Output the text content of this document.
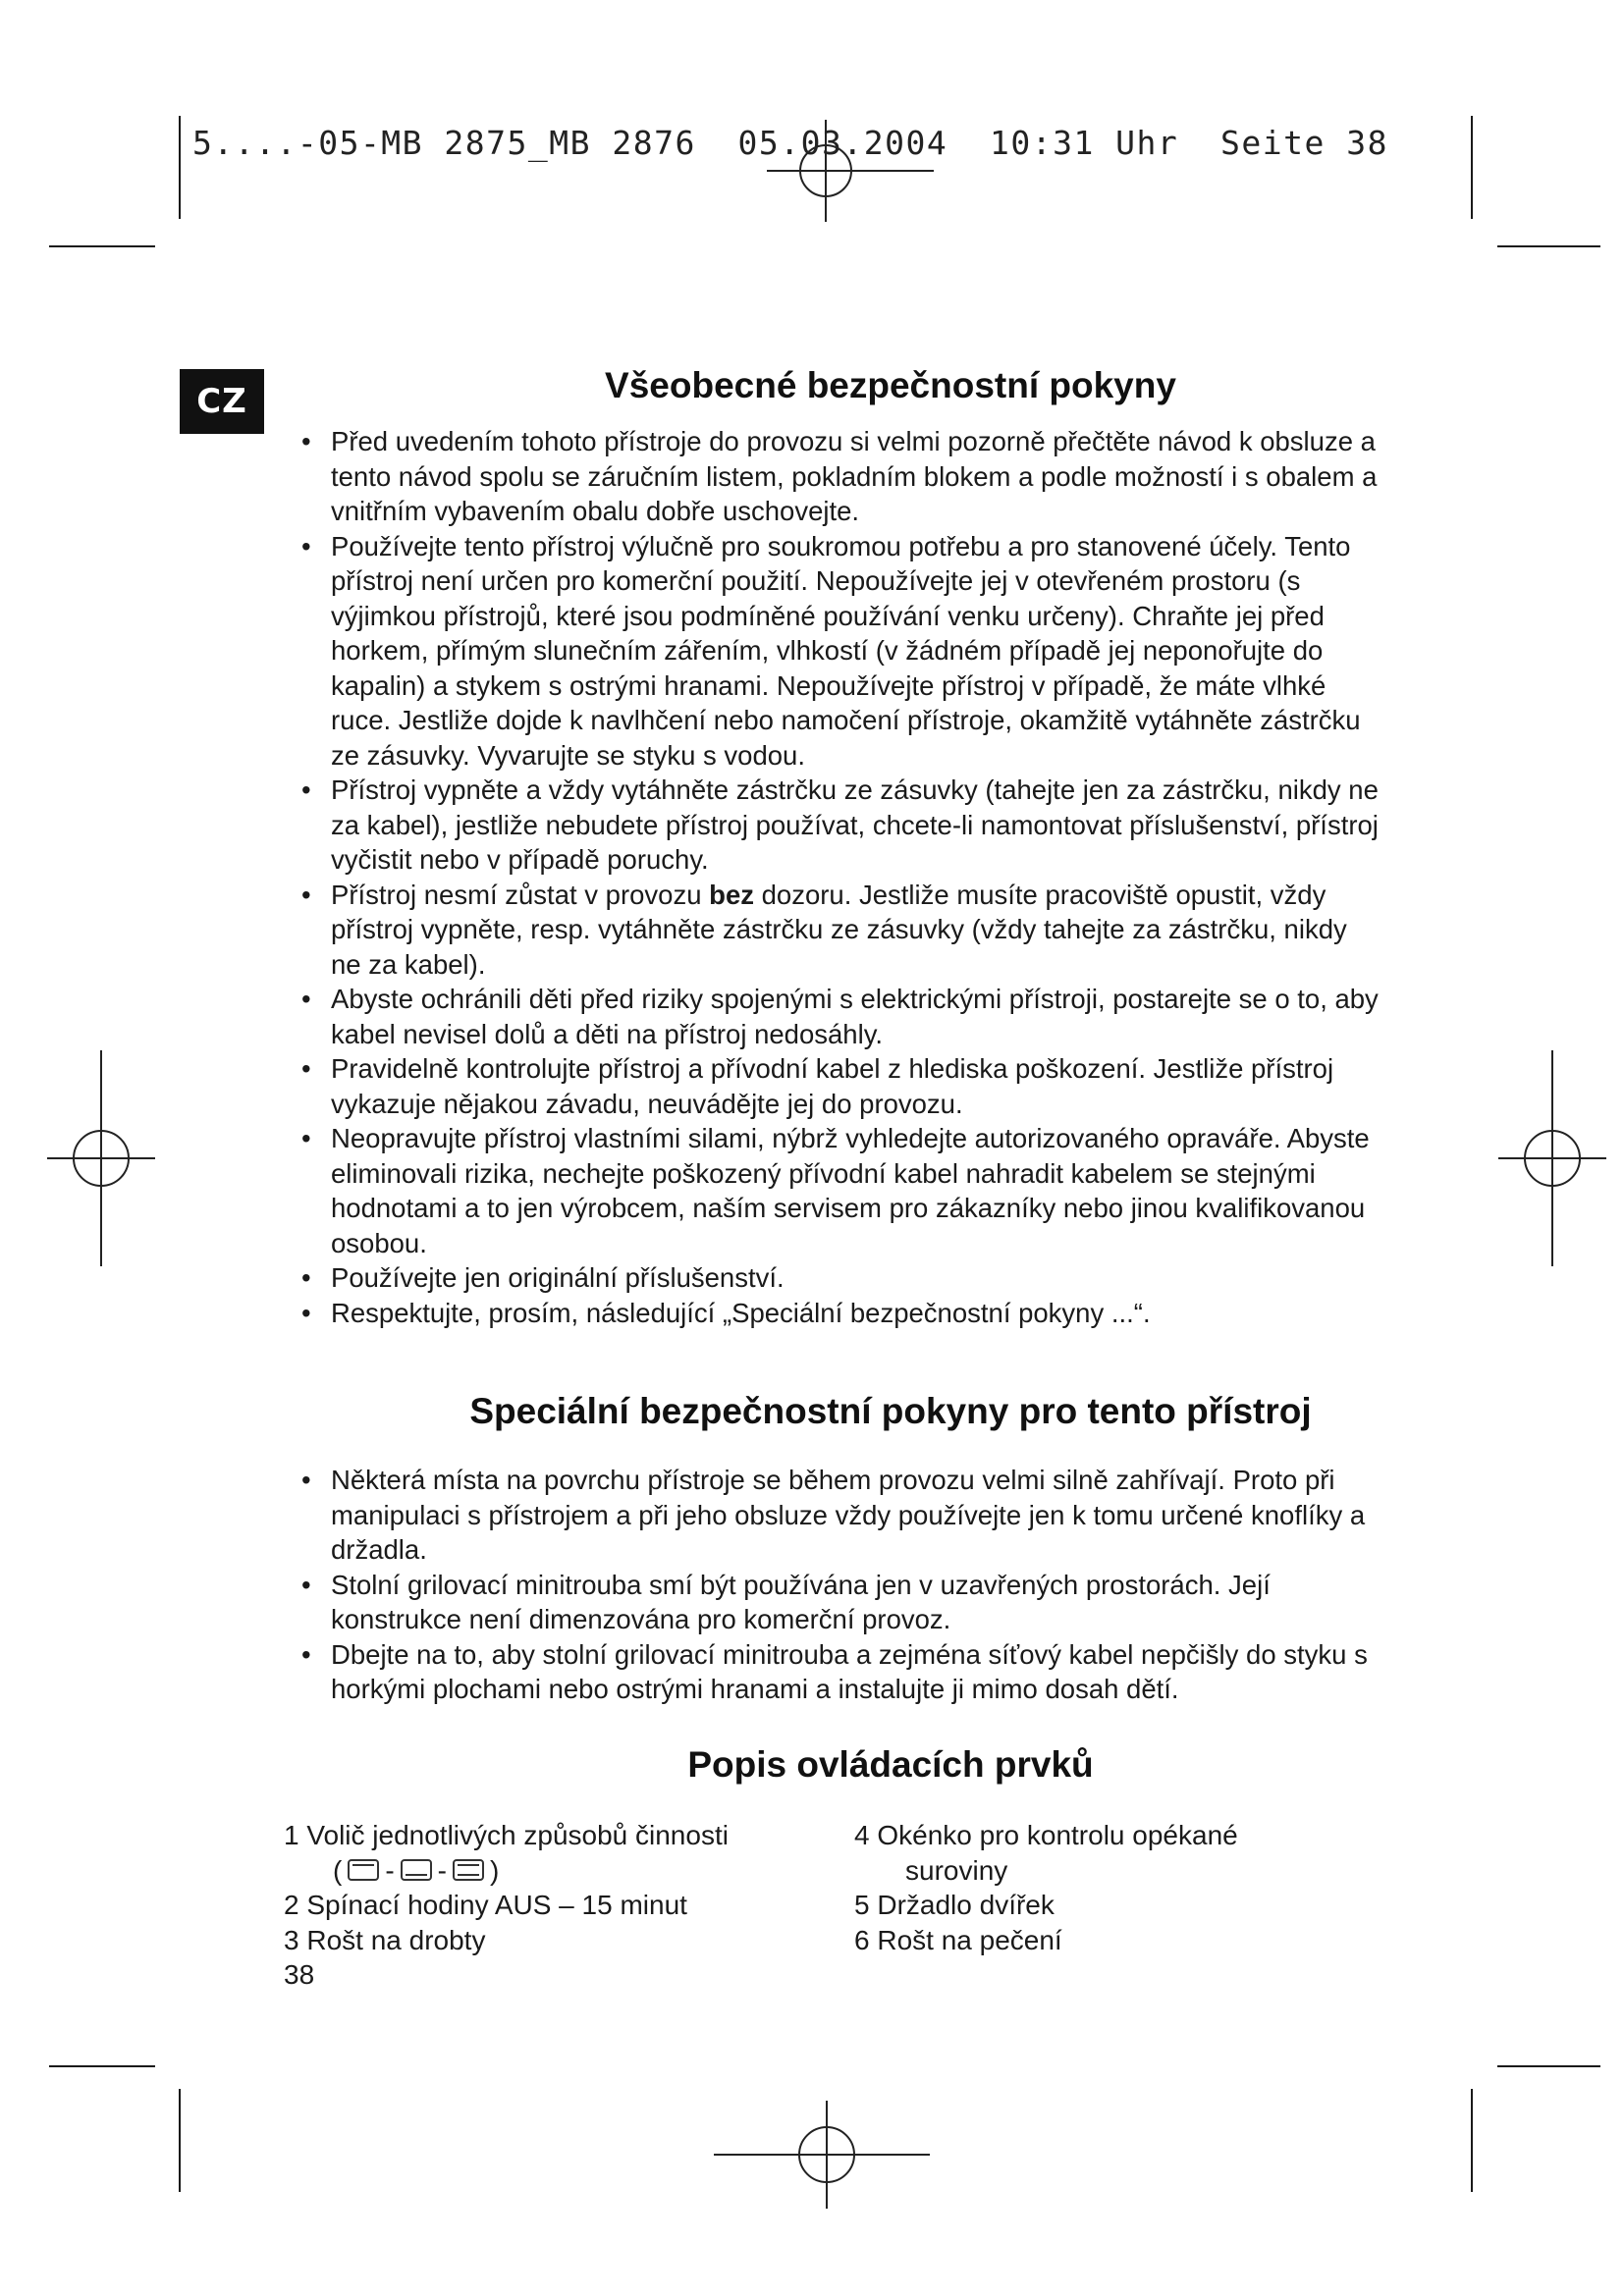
5....-05-MB 2875_MB 2876  05.03.2004  10:31 Uhr  Seite 38
CZ	Všeobecné bezpečnostní pokyny
• Před uvedením tohoto přístroje do provozu si velmi pozorně přečtěte návod k obsluze a tento návod spolu se záručním listem, pokladním blokem a podle možností i s obalem a vnitřním vybavením obalu dobře uschovejte.
• Používejte tento přístroj výlučně pro soukromou potřebu a pro stanovené účely. Tento přístroj není určen pro komerční použití. Nepoužívejte jej v otevřeném prostoru (s výjimkou přístrojů, které jsou podmíněné používání venku určeny). Chraňte jej před horkem, přímým slunečním zářením, vlhkostí (v žádném případě jej neponořujte do kapalin) a stykem s ostrými hranami. Nepoužívejte přístroj v případě, že máte vlhké ruce. Jestliže dojde k navlhčení nebo namočení přístroje, okamžitě vytáhněte zástrčku ze zásuvky. Vyvarujte se styku s vodou.
• Přístroj vypněte a vždy vytáhněte zástrčku ze zásuvky (tahejte jen za zástrčku, nikdy ne za kabel), jestliže nebudete přístroj používat, chcete-li namontovat příslušenství, přístroj vyčistit nebo v případě poruchy.
• Přístroj nesmí zůstat v provozu bez dozoru. Jestliže musíte pracoviště opustit, vždy přístroj vypněte, resp. vytáhněte zástrčku ze zásuvky (vždy tahejte za zástrčku, nikdy ne za kabel).
• Abyste ochránili děti před riziky spojenými s elektrickými přístroji, postarejte se o to, aby kabel nevisel dolů a děti na přístroj nedosáhly.
• Pravidelně kontrolujte přístroj a přívodní kabel z hlediska poškození. Jestliže přístroj vykazuje nějakou závadu, neuvádějte jej do provozu.
• Neopravujte přístroj vlastními silami, nýbrž vyhledejte autorizovaného opraváře. Abyste eliminovali rizika, nechejte poškozený přívodní kabel nahradit kabelem se stejnými hodnotami a to jen výrobcem, naším servisem pro zákazníky nebo jinou kvalifikovanou osobou.
• Používejte jen originální příslušenství.
• Respektujte, prosím, následující „Speciální bezpečnostní pokyny ...“.
Speciální bezpečnostní pokyny pro tento přístroj
• Některá místa na povrchu přístroje se během provozu velmi silně zahřívají. Proto při manipulaci s přístrojem a při jeho obsluze vždy používejte jen k tomu určené knoflíky a držadla.
• Stolní grilovací minitrouba smí být používána jen v uzavřených prostorách. Její konstrukce není dimenzována pro komerční provoz.
• Dbejte na to, aby stolní grilovací minitrouba a zejména síťový kabel nepčišly do styku s horkými plochami nebo ostrými hranami a instalujte ji mimo dosah dětí.
Popis ovládacích prvků
1 Volič jednotlivých způsobů činnosti
( - - )
2 Spínací hodiny AUS – 15 minut
3 Rošt na drobty
4 Okénko pro kontrolu opékané
suroviny
5 Držadlo dvířek
6 Rošt na pečení
38
